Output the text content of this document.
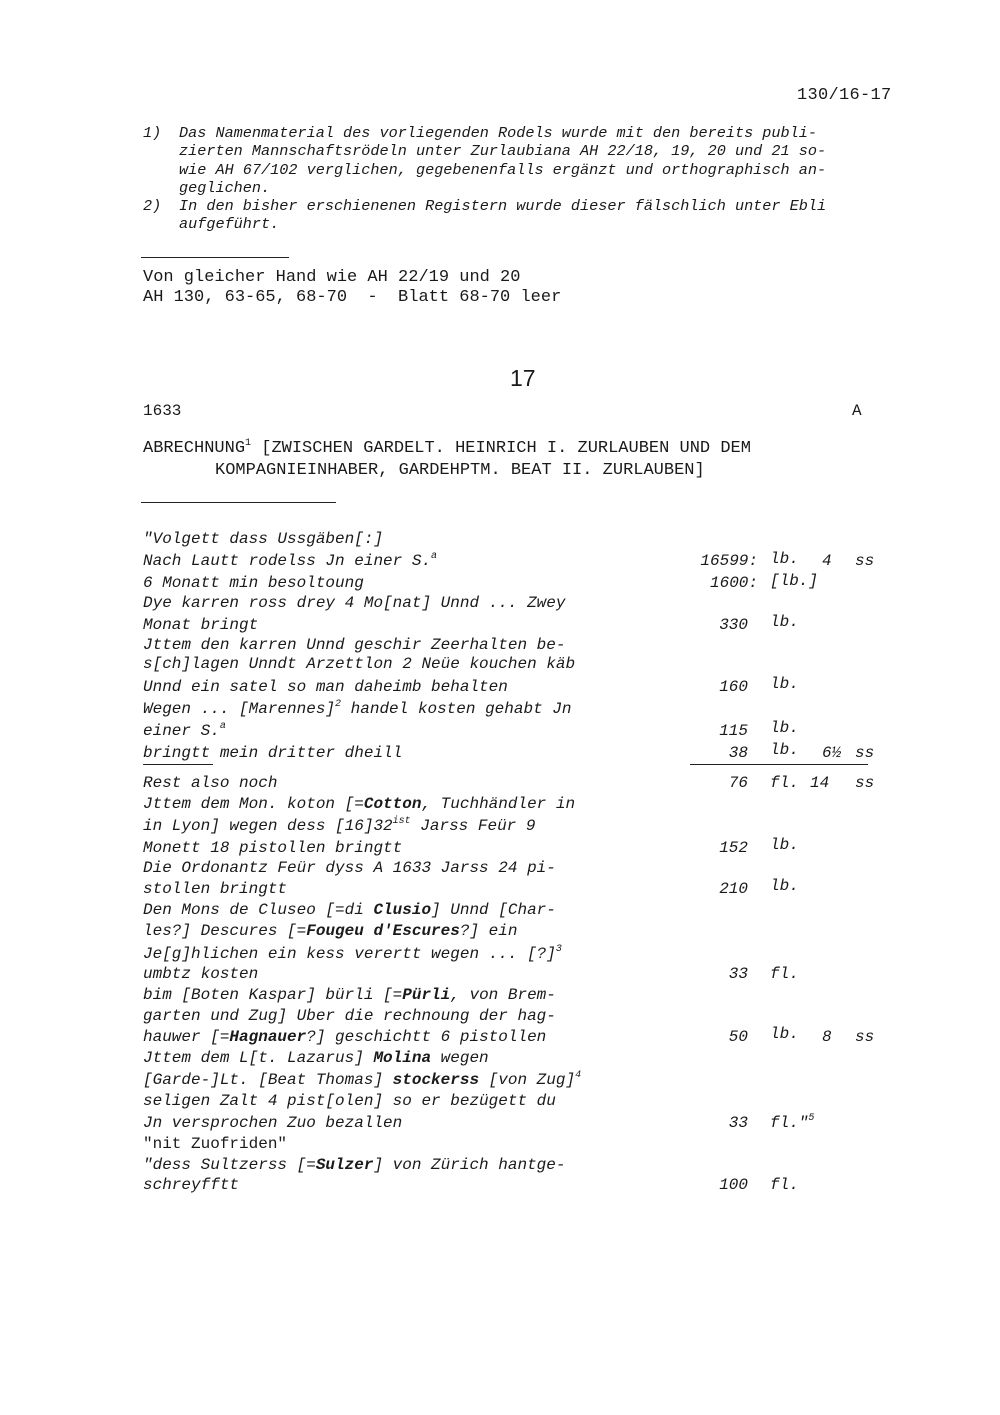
130/16-17
1) Das Namenmaterial des vorliegenden Rodels wurde mit den bereits publi-
zierten Mannschaftsrödeln unter Zurlaubiana AH 22/18, 19, 20 und 21 so-
wie AH 67/102 verglichen, gegebenenfalls ergänzt und orthographisch an-
geglichen.
2) In den bisher erschienenen Registern wurde dieser fälschlich unter Ebli
aufgeführt.
Von gleicher Hand wie AH 22/19 und 20
AH 130, 63-65, 68-70  -  Blatt 68-70 leer
17
1633	A
ABRECHNUNG$^1$ [ZWISCHEN GARDELT. HEINRICH I. ZURLAUBEN UND DEM
KOMPAGNIEINHABER, GARDEHPTM. BEAT II. ZURLAUBEN]
"Volgett dass Ussgäben[:]
Nach Lautt rodelss Jn einer S.$^a$	16599: lb. 4 ss
6 Monatt min besoltoung	1600: [lb.]
Dye karren ross drey 4 Mo[nat] Unnd ... Zwey
Monat bringt	330 lb.
Jttem den karren Unnd geschir Zeerhalten be-
s[ch]lagen Unndt Arzettlon 2 Neüe kouchen käb
Unnd ein satel so man daheimb behalten	160 lb.
Wegen ... [Marennes]$^2$ handel kosten gehabt Jn
einer S.$^a$	115 lb.
bringtt mein dritter dheill	38 lb. 6½ ss
Rest also noch	76 fl. 14 ss
Jttem dem Mon. koton [=Cotton, Tuchhändler in
in Lyon] wegen dess $[16]32^{ist}$ Jarss Feür 9
Monett 18 pistollen bringtt	152 lb.
Die Ordonantz Feür dyss A 1633 Jarss 24 pi-
stollen bringtt	210 lb.
Den Mons de Cluseo [=di Clusio] Unnd [Char-
les?] Descures [=Fougeu d'Escures?] ein
Je[g]hlichen ein kess verertt wegen ... [?]$^3$
umbtz kosten	33 fl.
bim [Boten Kaspar] bürli [=Pürli, von Brem-
garten und Zug] Uber die rechnoung der hag-
hauwer [=Hagnauer?] geschichtt 6 pistollen	50 lb. 8 ss
Jttem dem L[t. Lazarus] Molina wegen
[Garde-]Lt. [Beat Thomas] stockerss [von Zug]$^4$
seligen Zalt 4 pist[olen] so er bezügett du
Jn versprochen Zuo bezallen	33 fl."$^5$
"nit Zuofriden"
"dess Sultzerss [=Sulzer] von Zürich hantge-
schreyfftt	100 fl.
